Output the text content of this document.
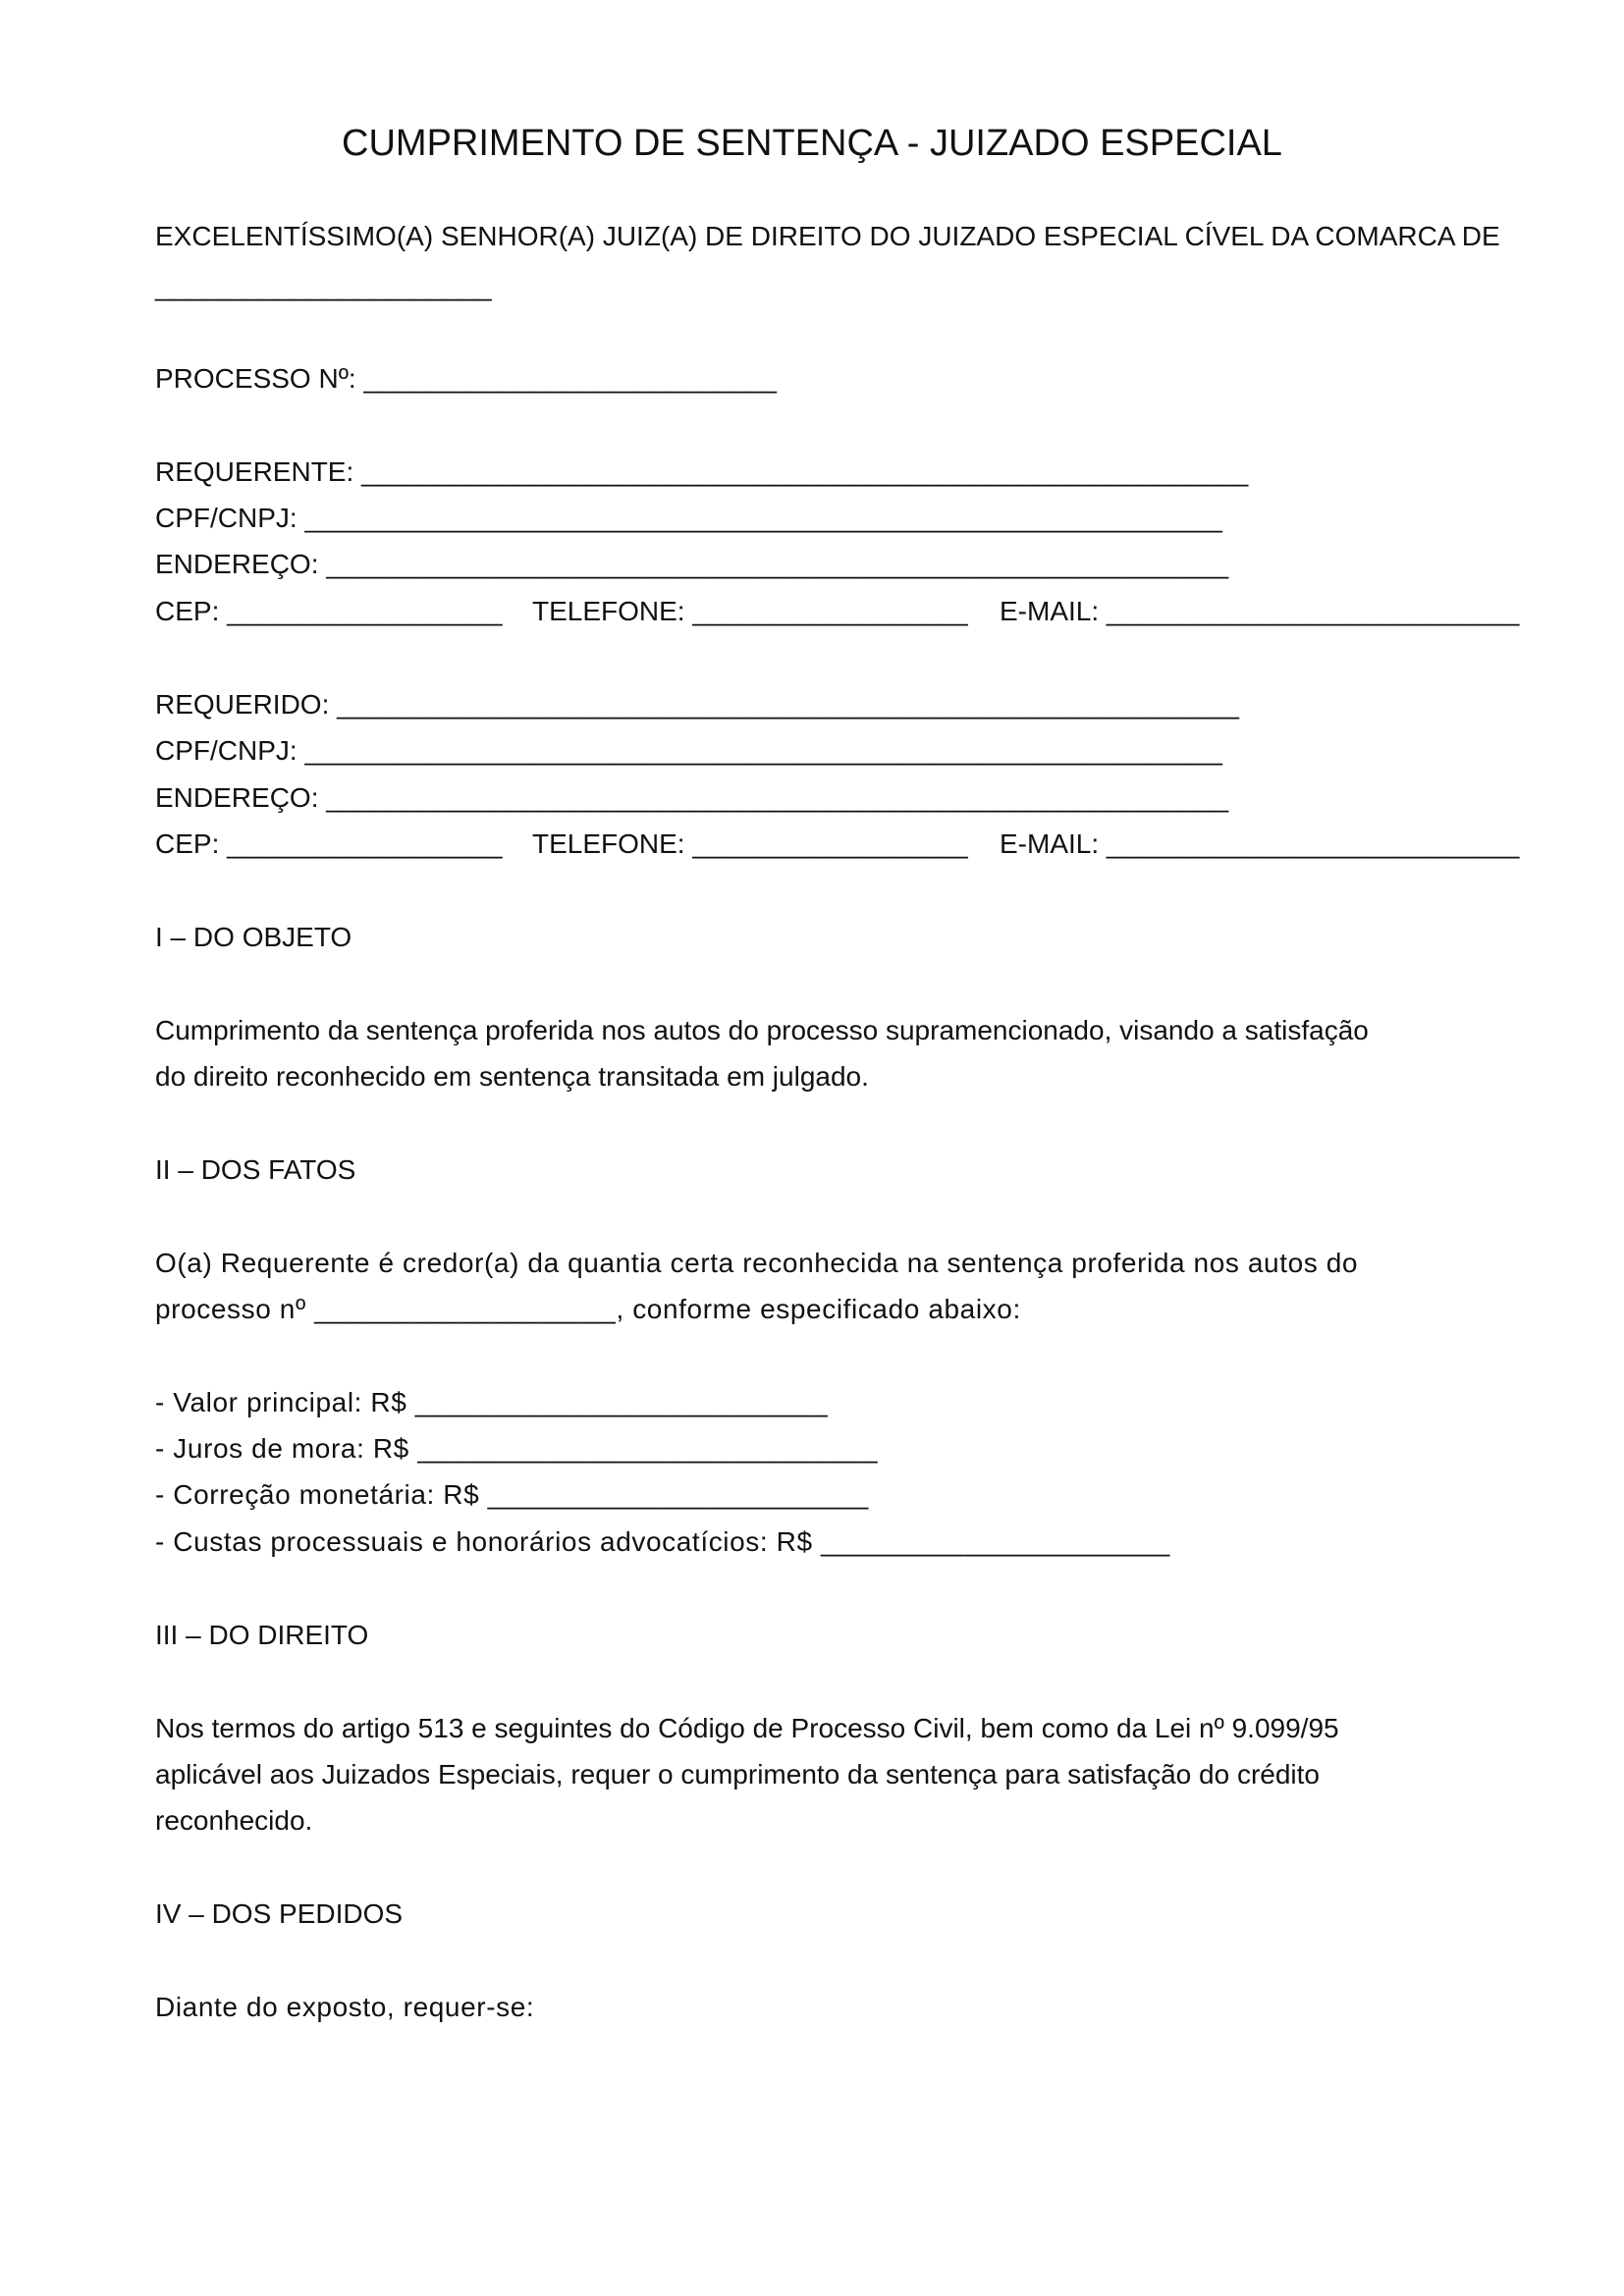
CUMPRIMENTO DE SENTENÇA - JUIZADO ESPECIAL

EXCELENTÍSSIMO(A) SENHOR(A) JUIZ(A) DE DIREITO DO JUIZADO ESPECIAL CÍVEL DA COMARCA DE

______________________

PROCESSO Nº: ___________________________

REQUERENTE: __________________________________________________________

CPF/CNPJ: ____________________________________________________________

ENDEREÇO: ___________________________________________________________

CEP: __________________ TELEFONE: __________________ E-MAIL: ___________________________

REQUERIDO: ___________________________________________________________

CPF/CNPJ: ____________________________________________________________

ENDEREÇO: ___________________________________________________________

CEP: __________________ TELEFONE: __________________ E-MAIL: ___________________________

I – DO OBJETO

Cumprimento da sentença proferida nos autos do processo supramencionado, visando a satisfação

do direito reconhecido em sentença transitada em julgado.

II – DOS FATOS

O(a) Requerente é credor(a) da quantia certa reconhecida na sentença proferida nos autos do

processo nº ___________________, conforme especificado abaixo:

- Valor principal: R$ __________________________

- Juros de mora: R$ _____________________________

- Correção monetária: R$ ________________________

- Custas processuais e honorários advocatícios: R$ ______________________

III – DO DIREITO

Nos termos do artigo 513 e seguintes do Código de Processo Civil, bem como da Lei nº 9.099/95

aplicável aos Juizados Especiais, requer o cumprimento da sentença para satisfação do crédito

reconhecido.

IV – DOS PEDIDOS

Diante do exposto, requer-se:
